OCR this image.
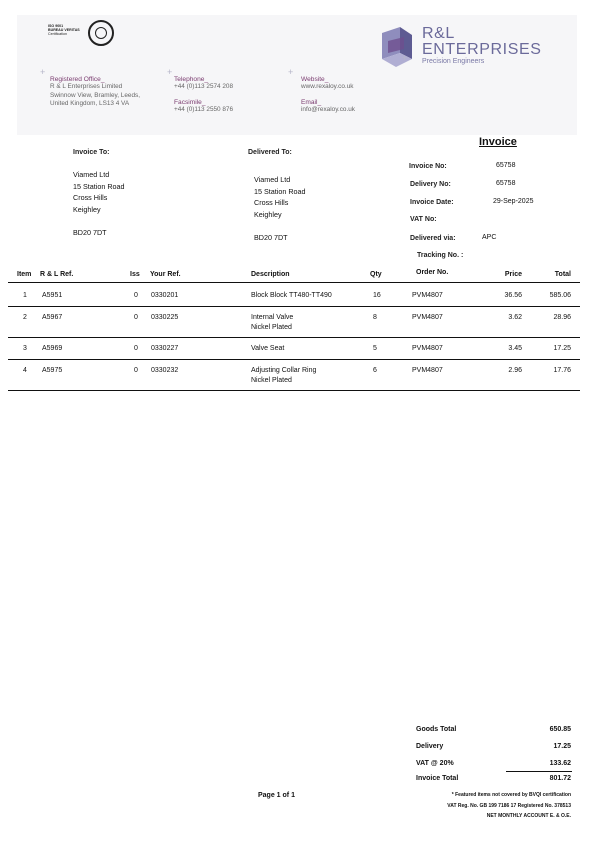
ISO 9001
BUREAU VERITAS
Certification	R&L
ENTERPRISES
Precision Engineers
+	+	+
+
Registered Office_
R & L Enterprises Limited
Swinnow View, Bramley, Leeds,
United Kingdom, LS13 4 VA
Telephone_
+44 (0)113 2574 208
Facsimile_
+44 (0)113 2550 876
Website_
www.rexaloy.co.uk
Email_
info@rexaloy.co.uk
Invoice
Invoice To:
Viamed Ltd
15 Station Road
Cross Hills
Keighley
BD20 7DT
Delivered To:
Viamed Ltd
15 Station Road
Cross Hills
Keighley
BD20 7DT
Invoice No:	65758
Delivery No:	65758
Invoice Date:	29-Sep-2025
VAT No:
Delivered via:	APC
Tracking No. :
Item R & L Ref.	Iss Your Ref.	Description	Qty	Order No.	Price	Total
1 A5951	0 0330201	Block Block TT480-TT490	16	PVM4807	36.56	585.06
2 A5967	0 0330225	Internal Valve
Nickel Plated
8	PVM4807	3.62	28.96
3 A5969	0 0330227	Valve Seat	5	PVM4807	3.45	17.25
4 A5975	0 0330232	Adjusting Collar Ring
Nickel Plated
6	PVM4807	2.96	17.76
Goods Total	650.85
Delivery	17.25
VAT @ 20%	133.62
Invoice Total	801.72
Page 1 of 1	* Featured items not covered by BVQI certification
VAT Reg. No. GB 199 7186 17 Registered No. 378513
NET MONTHLY ACCOUNT E. & O.E.
